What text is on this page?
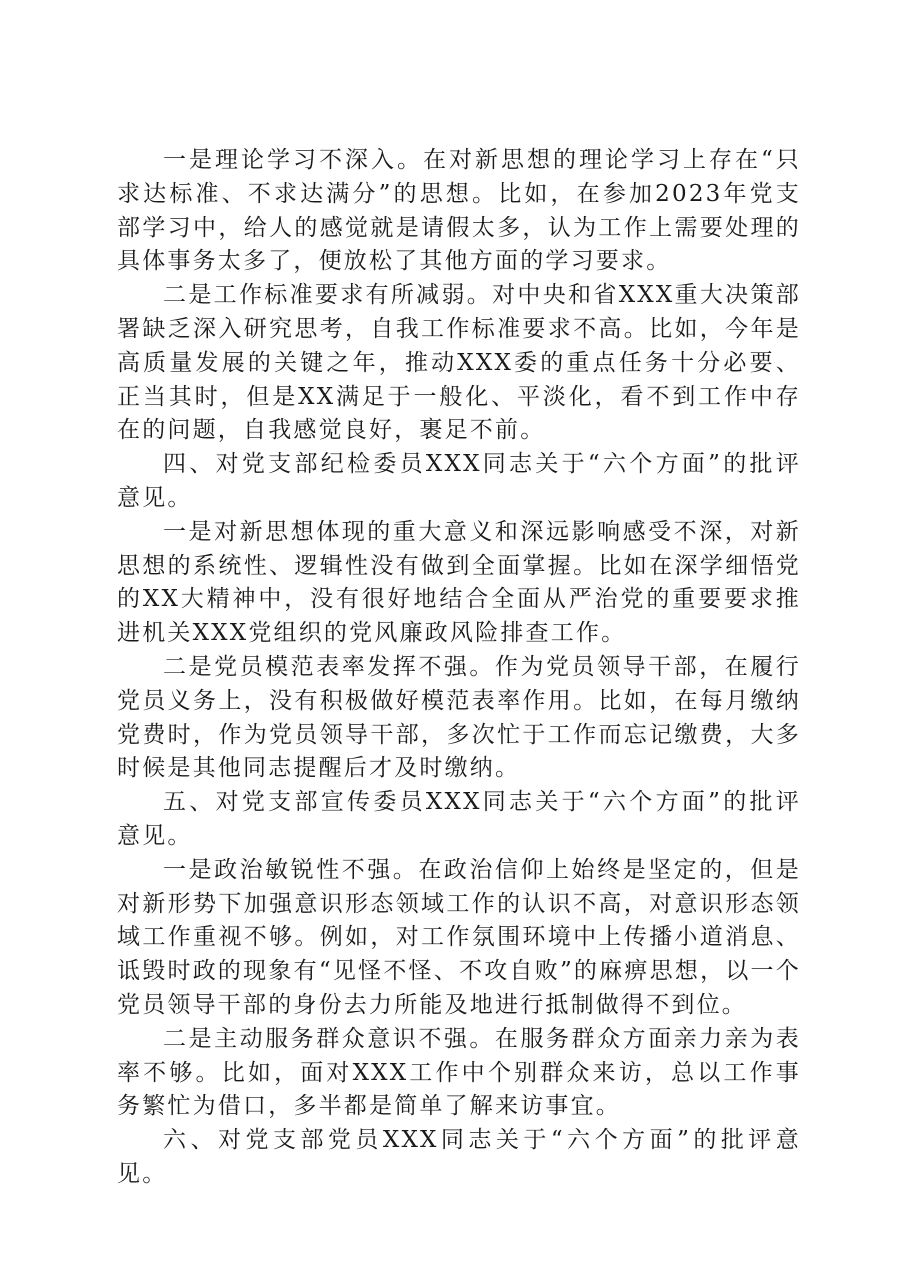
一是理论学习不深入。在对新思想的理论学习上存在“只求达标准、不求达满分”的思想。比如，在参加2023年党支部学习中，给人的感觉就是请假太多，认为工作上需要处理的具体事务太多了，便放松了其他方面的学习要求。

二是工作标准要求有所减弱。对中央和省XXX重大决策部署缺乏深入研究思考，自我工作标准要求不高。比如，今年是高质量发展的关键之年，推动XXX委的重点任务十分必要、正当其时，但是XX满足于一般化、平淡化，看不到工作中存在的问题，自我感觉良好，裹足不前。

四、对党支部纪检委员XXX同志关于“六个方面”的批评意见。

一是对新思想体现的重大意义和深远影响感受不深，对新思想的系统性、逻辑性没有做到全面掌握。比如在深学细悟党的XX大精神中，没有很好地结合全面从严治党的重要要求推进机关XXX党组织的党风廉政风险排查工作。

二是党员模范表率发挥不强。作为党员领导干部，在履行党员义务上，没有积极做好模范表率作用。比如，在每月缴纳党费时，作为党员领导干部，多次忙于工作而忘记缴费，大多时候是其他同志提醒后才及时缴纳。

五、对党支部宣传委员XXX同志关于“六个方面”的批评意见。

一是政治敏锐性不强。在政治信仰上始终是坚定的，但是对新形势下加强意识形态领域工作的认识不高，对意识形态领域工作重视不够。例如，对工作氛围环境中上传播小道消息、诋毁时政的现象有“见怪不怪、不攻自败”的麻痹思想，以一个党员领导干部的身份去力所能及地进行抵制做得不到位。

二是主动服务群众意识不强。在服务群众方面亲力亲为表率不够。比如，面对XXX工作中个别群众来访，总以工作事务繁忙为借口，多半都是简单了解来访事宜。

六、对党支部党员XXX同志关于“六个方面”的批评意见。
